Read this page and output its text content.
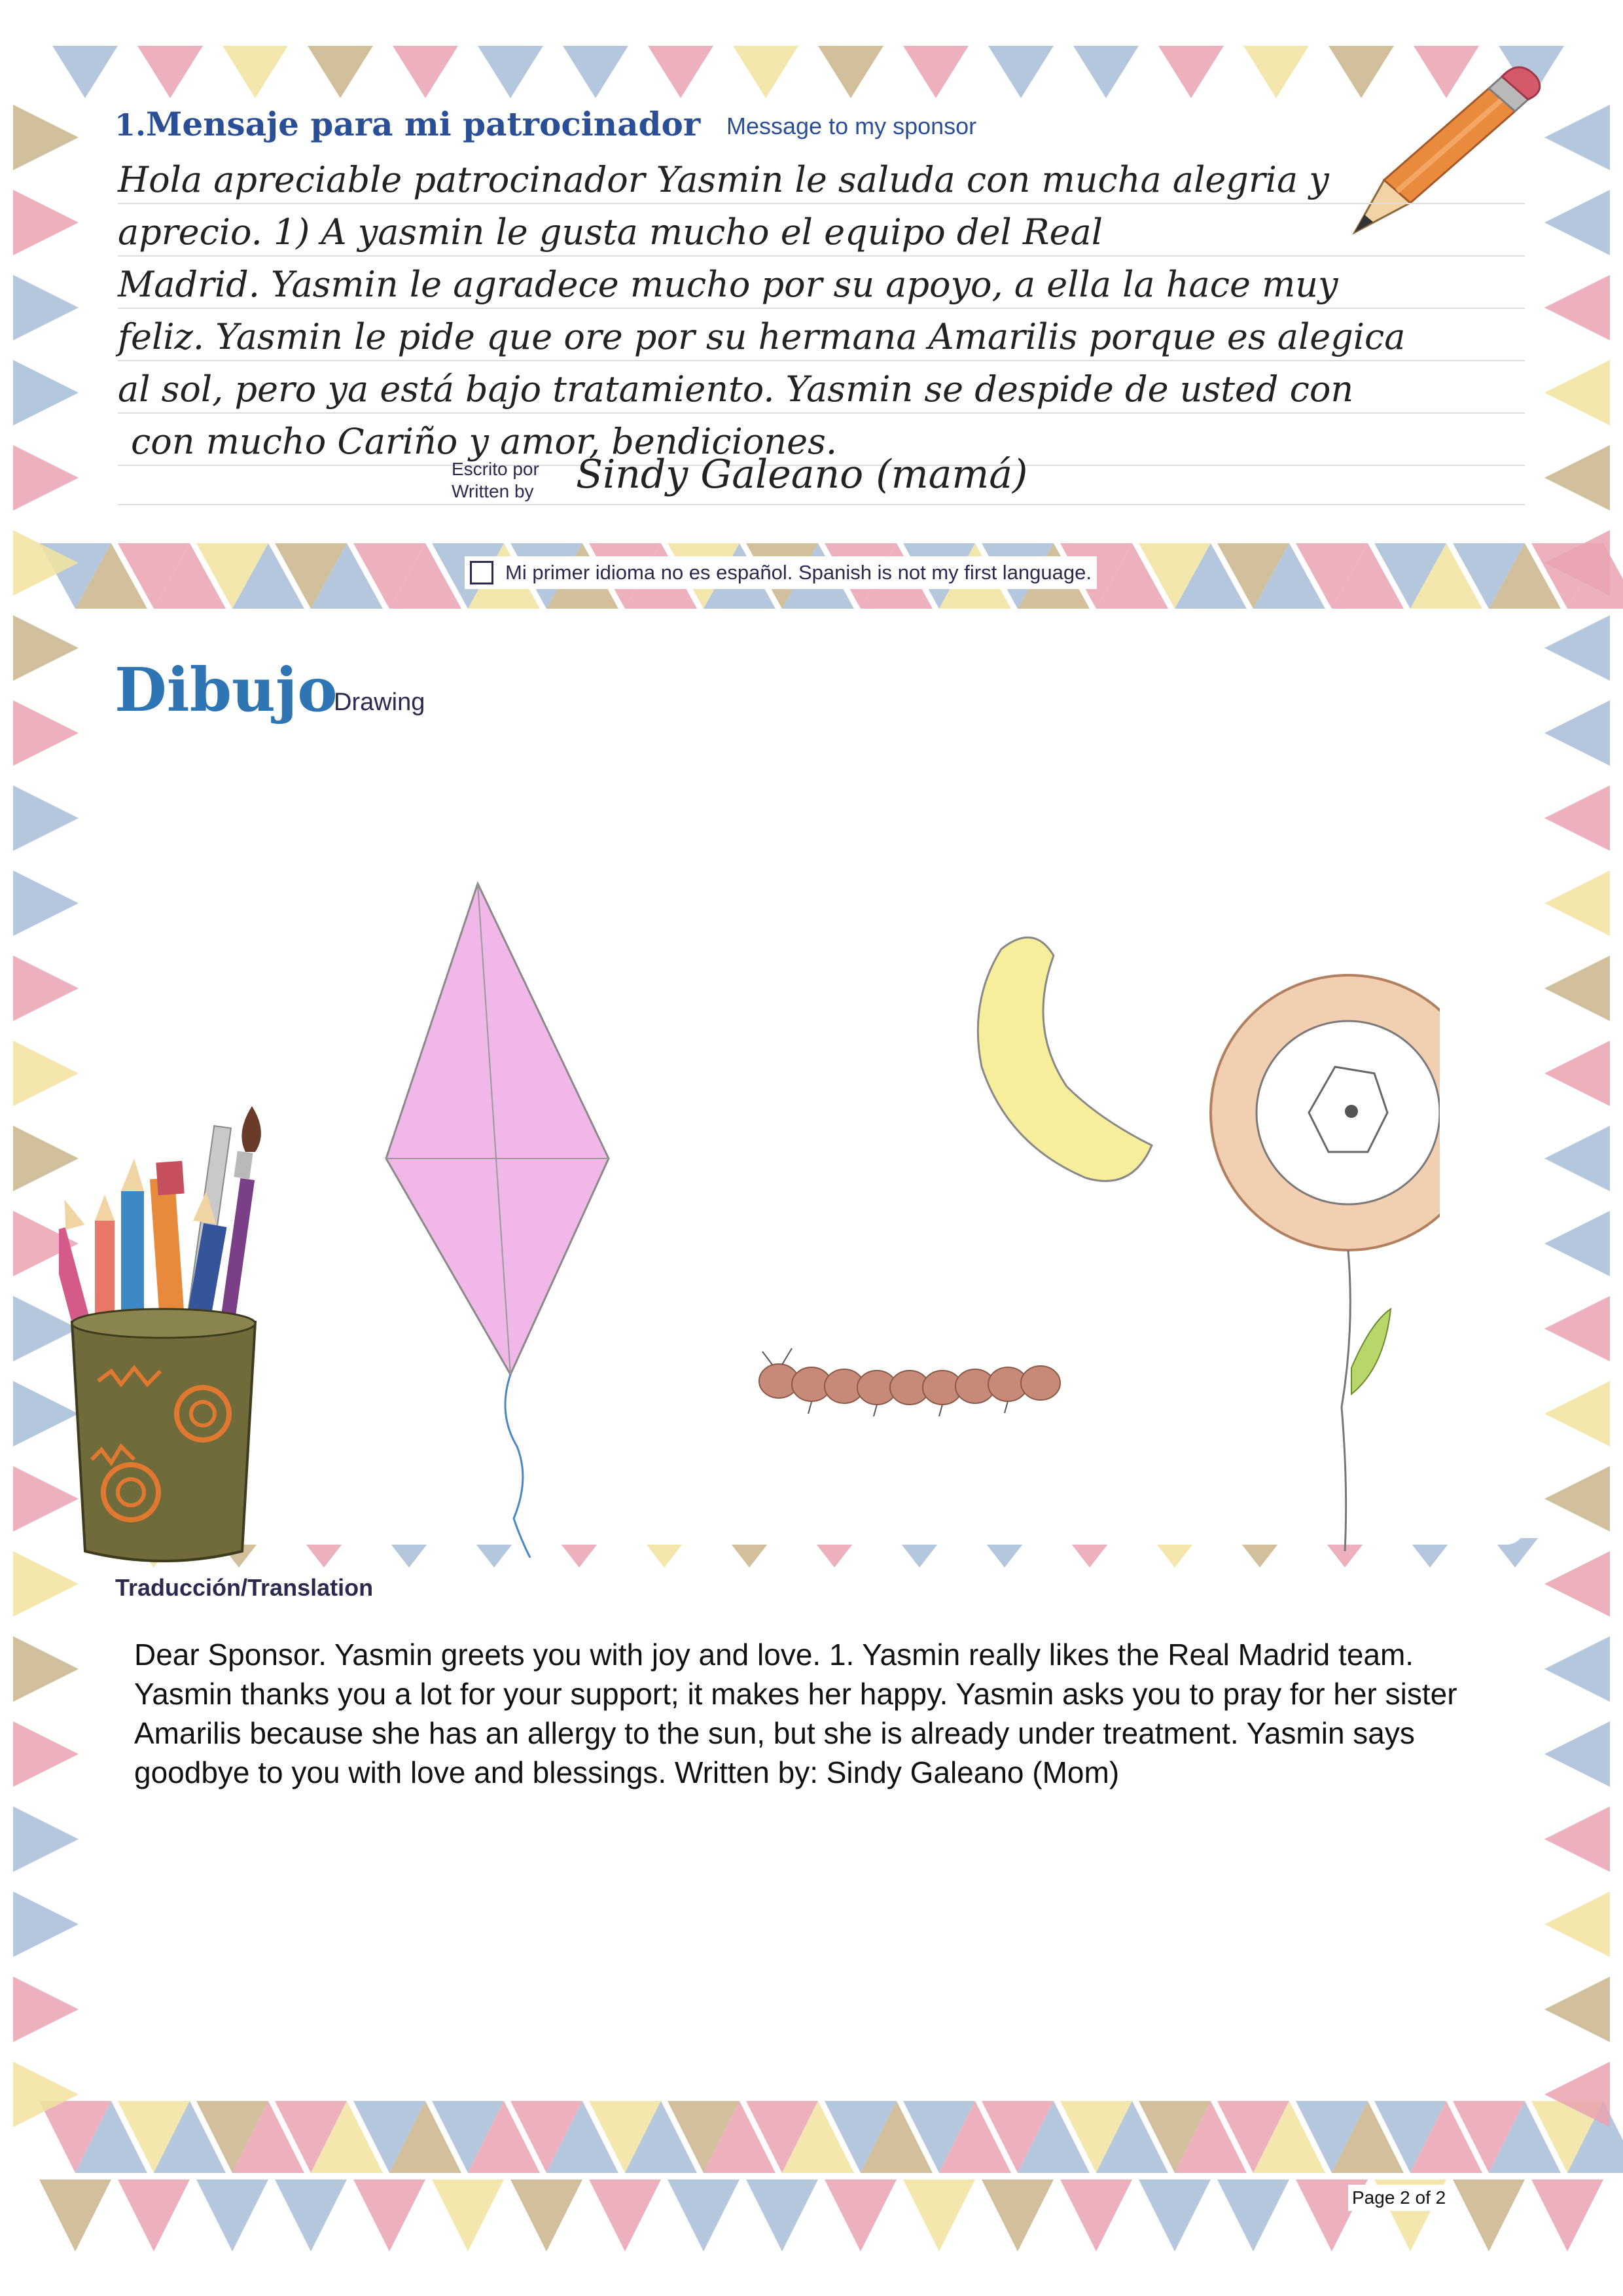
1. Mensaje para mi patrocinador Message to my sponsor
Hola apreciable patrocinador Yasmin le saluda con mucha alegria y
aprecio. 1) A yasmin le gusta mucho el equipo del Real
Madrid. Yasmin le agradece mucho por su apoyo, a ella la hace muy
feliz. Yasmin le pide que ore por su hermana Amarilis porque es alegica
al sol, pero ya está bajo tratamiento. Yasmin se despide de usted con
con mucho Cariño y amor, bendiciones.
Escrito por
Written by	Sindy Galeano (mamá)
Mi primer idioma no es español. Spanish is not my first language.
Dibujo
Drawing
Traducción/Translation
Dear Sponsor. Yasmin greets you with joy and love. 1. Yasmin really likes the Real Madrid team. Yasmin thanks you a lot for your support; it makes her happy. Yasmin asks you to pray for her sister Amarilis because she has an allergy to the sun, but she is already under treatment. Yasmin says goodbye to you with love and blessings. Written by: Sindy Galeano (Mom)
Page 2 of 2
